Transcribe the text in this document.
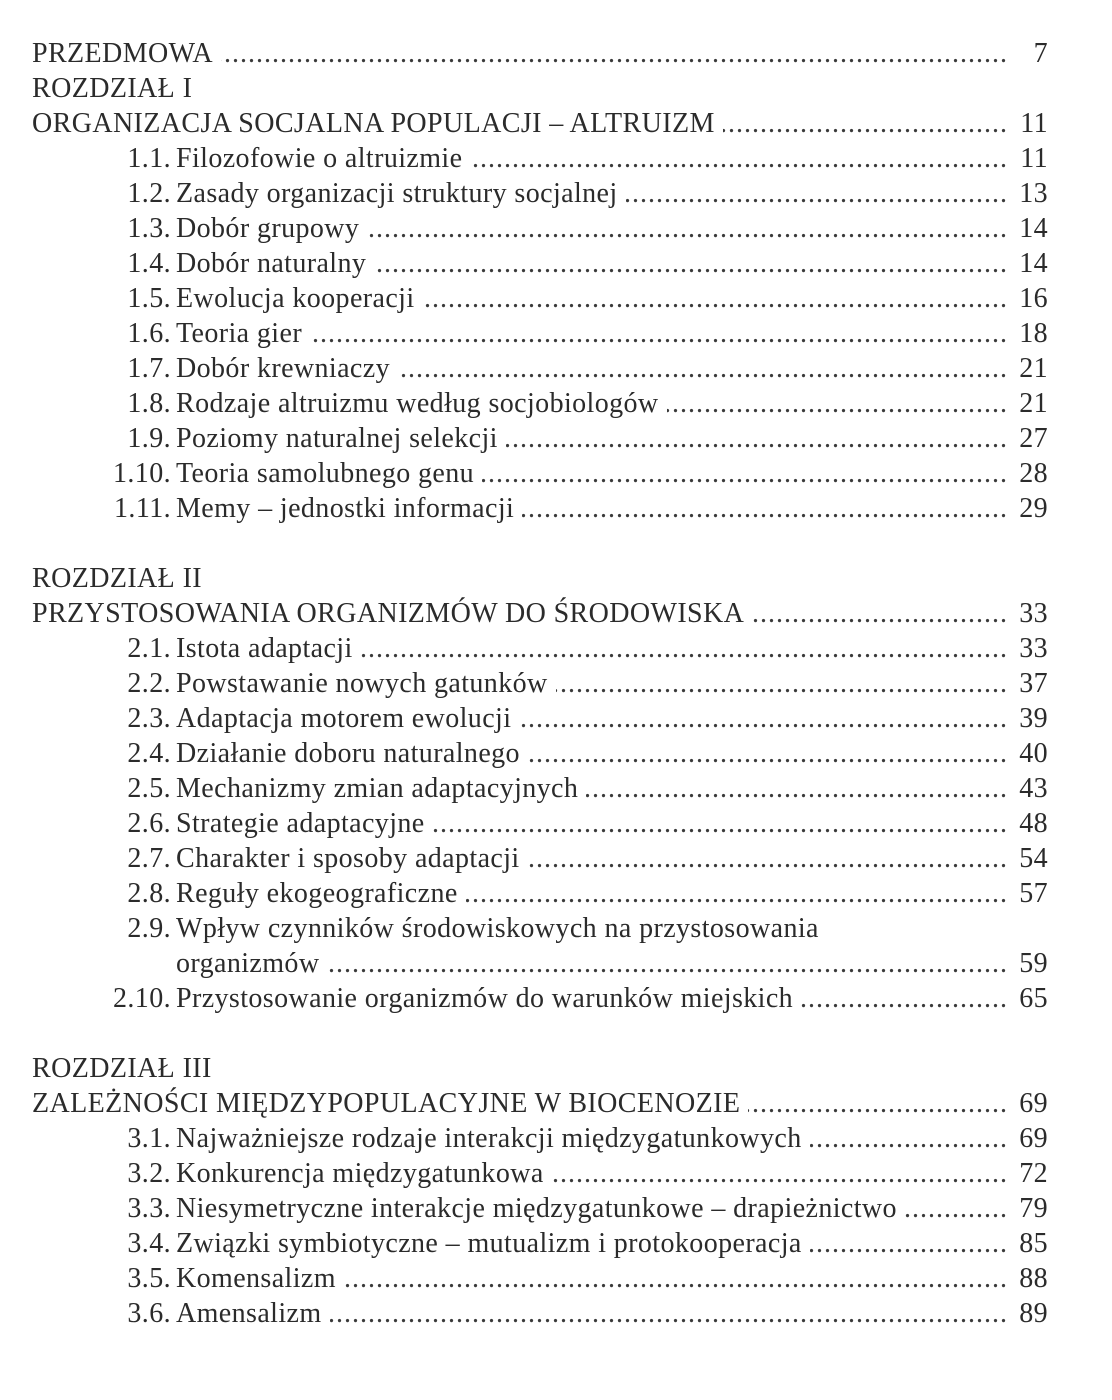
.....
PRZEDMOWA	7
ROZDZIAŁ I
.....
ORGANIZACJA SOCJALNA POPULACJI – ALTRUIZM	11
1.1. ..... Filozofowie o altruizmie	11
1.2. ..... Zasady organizacji struktury socjalnej	13
1.3. ..... Dobór grupowy	14
1.4. ..... Dobór naturalny	14
1.5. ..... Ewolucja kooperacji	16
1.6. ..... Teoria gier	18
1.7. ..... Dobór krewniaczy	21
1.8. ..... Rodzaje altruizmu według socjobiologów	21
1.9. ..... Poziomy naturalnej selekcji	27
1.10. ..... Teoria samolubnego genu	28
1.11. ..... Memy – jednostki informacji	29
ROZDZIAŁ II
.....
PRZYSTOSOWANIA ORGANIZMÓW DO ŚRODOWISKA	33
2.1. ..... Istota adaptacji	33
2.2. ..... Powstawanie nowych gatunków	37
2.3. ..... Adaptacja motorem ewolucji	39
2.4. ..... Działanie doboru naturalnego	40
2.5. ..... Mechanizmy zmian adaptacyjnych	43
2.6. ..... Strategie adaptacyjne	48
2.7. ..... Charakter i sposoby adaptacji	54
2.8. ..... Reguły ekogeograficzne	57
2.9. Wpływ czynników środowiskowych na przystosowania
.....
organizmów	59
2.10. ..... Przystosowanie organizmów do warunków miejskich	65
ROZDZIAŁ III
.....
ZALEŻNOŚCI MIĘDZYPOPULACYJNE W BIOCENOZIE	69
3.1. ..... Najważniejsze rodzaje interakcji międzygatunkowych	69
3.2. ..... Konkurencja międzygatunkowa	72
3.3. ..... Niesymetryczne interakcje międzygatunkowe – drapieżnictwo	79
3.4. ..... Związki symbiotyczne – mutualizm i protokooperacja	85
3.5. ..... Komensalizm	88
3.6. ..... Amensalizm	89
